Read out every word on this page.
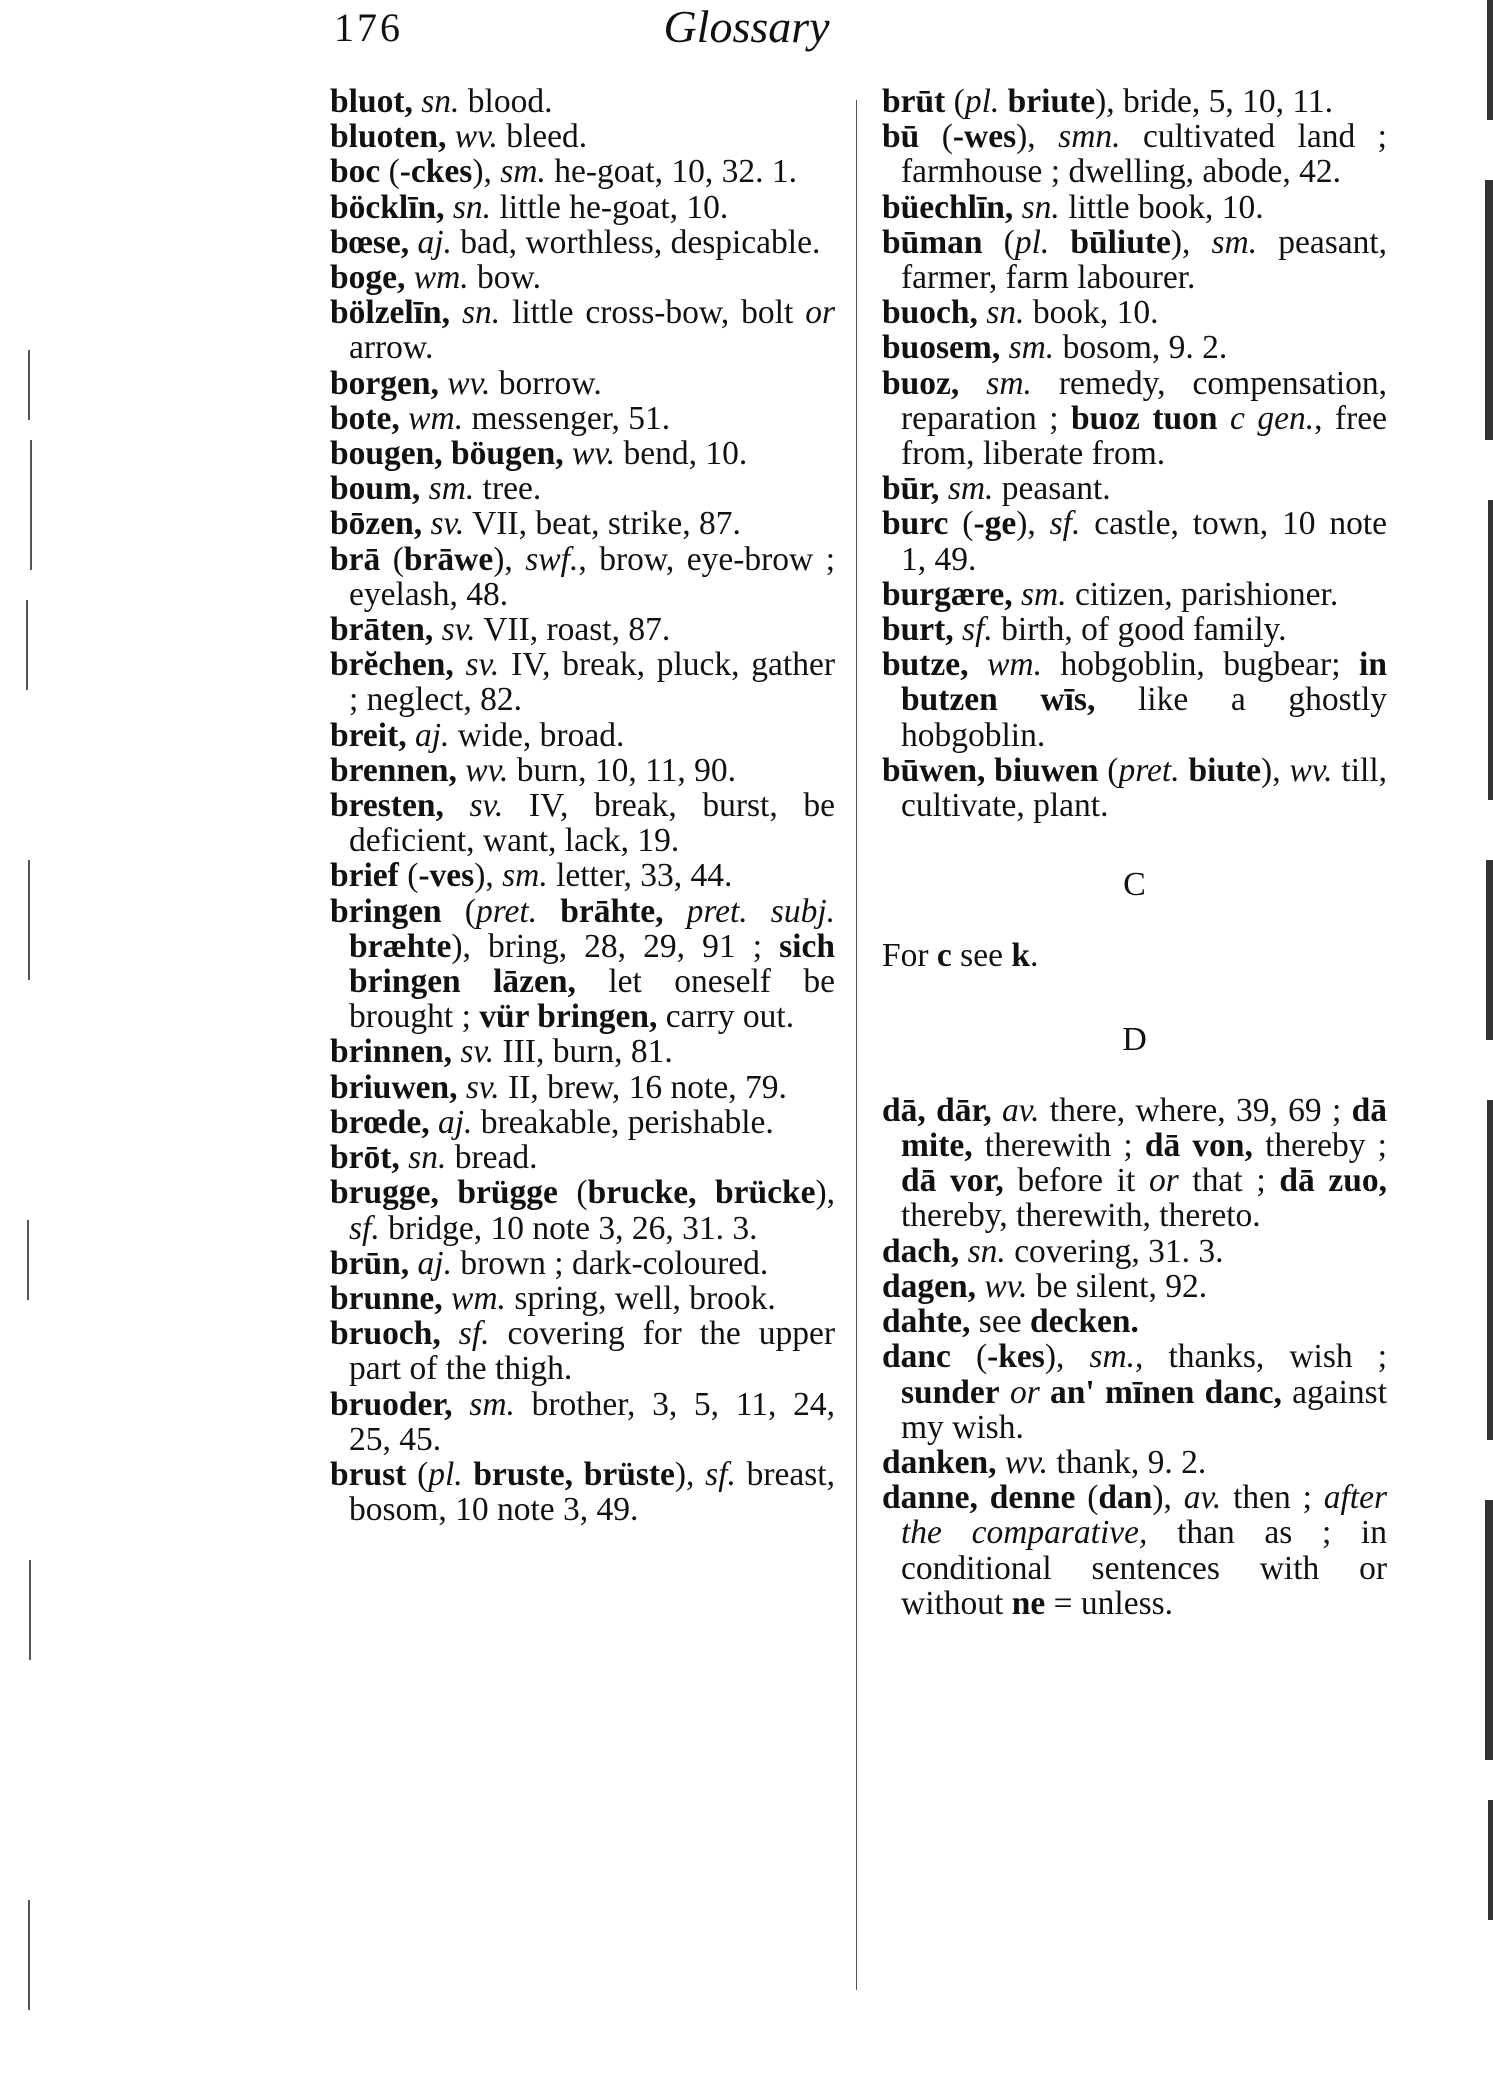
176	Glossary

bluot, sn. blood.

bluoten, wv. bleed.

boc (-ckes), sm. he-goat, 10, 32. 1.

böcklīn, sn. little he-goat, 10.

bœse, aj. bad, worthless, despicable.

boge, wm. bow.

bölzelīn, sn. little cross-bow, bolt or arrow.

borgen, wv. borrow.

bote, wm. messenger, 51.

bougen, böugen, wv. bend, 10.

boum, sm. tree.

bōzen, sv. VII, beat, strike, 87.

brā (brāwe), swf., brow, eye-brow ; eyelash, 48.

brāten, sv. VII, roast, 87.

brĕchen, sv. IV, break, pluck, gather ; neglect, 82.

breit, aj. wide, broad.

brennen, wv. burn, 10, 11, 90.

bresten, sv. IV, break, burst, be deficient, want, lack, 19.

brief (-ves), sm. letter, 33, 44.

bringen (pret. brāhte, pret. subj. bræhte), bring, 28, 29, 91 ; sich bringen lāzen, let oneself be brought ; vür bringen, carry out.

brinnen, sv. III, burn, 81.

briuwen, sv. II, brew, 16 note, 79.

brœde, aj. breakable, perishable.

brōt, sn. bread.

brugge, brügge (brucke, brücke), sf. bridge, 10 note 3, 26, 31. 3.

brūn, aj. brown ; dark-coloured.

brunne, wm. spring, well, brook.

bruoch, sf. covering for the upper part of the thigh.

bruoder, sm. brother, 3, 5, 11, 24, 25, 45.

brust (pl. bruste, brüste), sf. breast, bosom, 10 note 3, 49.

brūt (pl. briute), bride, 5, 10, 11.

bū (-wes), smn. cultivated land ; farmhouse ; dwelling, abode, 42.

büechlīn, sn. little book, 10.

būman (pl. būliute), sm. peasant, farmer, farm labourer.

buoch, sn. book, 10.

buosem, sm. bosom, 9. 2.

buoz, sm. remedy, compensation, reparation ; buoz tuon c gen., free from, liberate from.

būr, sm. peasant.

burc (-ge), sf. castle, town, 10 note 1, 49.

burgære, sm. citizen, parishioner.

burt, sf. birth, of good family.

butze, wm. hobgoblin, bugbear; in butzen wīs, like a ghostly hobgoblin.

būwen, biuwen (pret. biute), wv. till, cultivate, plant.

C

For c see k.

D

dā, dār, av. there, where, 39, 69 ; dā mite, therewith ; dā von, thereby ; dā vor, before it or that ; dā zuo, thereby, therewith, thereto.

dach, sn. covering, 31. 3.

dagen, wv. be silent, 92.

dahte, see decken.

danc (-kes), sm., thanks, wish ; sunder or an' mīnen danc, against my wish.

danken, wv. thank, 9. 2.

danne, denne (dan), av. then ; after the comparative, than as ; in conditional sentences with or without ne = unless.
